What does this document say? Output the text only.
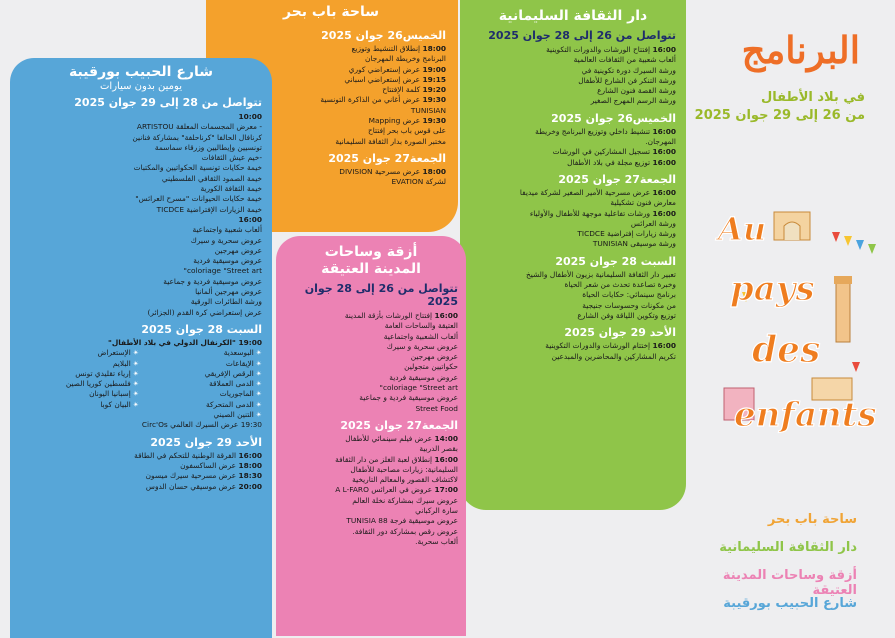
ساحة باب بحر
الخميس26 جوان 2025
18:00 إنطلاق التنشيط وتوزيع
البرنامج وخريطة المهرجان
19:00 عرض إستعراضي كوري
19:15 عرض إستعراضي اسباني
19:20 كلمة الإفتتاح
19:30 عرض أغاني من الذاكرة التونسية
TUNISIAN
19:30 عرض Mapping
على قوس باب بحر إفتتاح
مختبر الصورة بدار الثقافة السليمانية
الجمعة27 جوان 2025
18:00 عرض مسرحية DIVISION
لشركة EVATION
دار الثقافة السليمانية
تتواصل من 26 إلى 28 جوان 2025
16:00 إفتتاح الورشات والدورات التكوينية
ألعاب شعبية من الثقافات العالمية
ورشة السيرك دورة تكوينية في
ورشة التنكر فن الشارع للأطفال
ورشة القصة فنون الشارع
ورشة الرسم المهرج الصغير
الخميس26 جوان 2025
16:00 تنشيط داخلي وتوزيع البرنامج وخريطة
المهرجان.
16:00 تسجيل المشاركين في الورشات
16:00 توزيع مجلة في بلاد الأطفال
الجمعة27 جوان 2025
16:00 عرض مسرحية الأمير الصغير لشركة ميديفا
معارض فنون تشكيلية
16:00 ورشات تفاعلية موجهة للأطفال والأولياء
ورشة العرائس
ورشة زيارات إفتراضية TICDCE
ورشة موسيقى TUNISIAN
السبت 28 جوان 2025
تعبير دار الثقافة السليمانية بزيون الأطفال والشيخ
وخبرة تصاعدة تحدث من شعر الحياة
برنامج سينمائي: حكايات الحياة
من مكونات وحسوسات جنيجية
توزيع وتكوين اللياقة وفن الشارع
الأحد 29 جوان 2025
16:00 إختتام الورشات والدورات التكوينية
تكريم المشاركين والمحاضرين والمبدعين
أزقة وساحات
المدينة العتيقة
تتواصل من 26 إلى 28 جوان 2025
16:00 إفتتاح الورشات بأزقة المدينة
العتيقة والساحات العامة
ألعاب الشعبية واجتماعية
عروض سحرية و سيرك
عروض مهرجين
حكواتيين متجولين
عروض موسيقية فردية
coloriage "Street art"
عروض موسيقية فردية و جماعية
Street Food
الجمعة27 جوان 2025
14:00 عرض فيلم سينمائي للأطفال
بقصر الدربية
16:00 إنطلاق لعبة الغلز من دار الثقافة
السليمانية: زيارات مصاحبة للأطفال
لاكتشاف القصور والمعالم التاريخية
17:00 عروض في العرائس A L-FARO
عروض سيرك بمشاركة نخلة العالم
سارة الركباني
عروض موسيقية فرجة TUNISIA 88
عروض رقص بمشاركة دور الثقافة.
ألعاب سحرية.
شارع الحبيب بورقيبة
يومين بدون سيارات
تتواصل من 28 إلى 29 جوان 2025
10:00
- معرض المجسمات المعلقة ARTISTOU
كرنافال الحالفا "كرناحلفة" بمشاركة فنانين
تونسيين وإيطاليين وزرقاء سماسمة
-خيم عيش الثقافات
خيمة حكايات تونسية الحكواتيين والمكتبات
خيمة الصمود الثقافي الفلسطيني
خيمة الثقافة الكورية
خيمة حكايات الحيوانات "مسرح العرائس"
خيمة الزيارات الإفتراضية TICDCE
16:00
ألعاب شعبية واجتماعية
عروض سحرية و سيرك
عروض مهرجين
عروض موسيقية فردية
coloriage "Street art"
عروض موسيقية فردية و جماعية
عروض مهرجين ألمانيا
ورشة الطائرات الورقية
عرض إستعراضي كرة القدم (الجزائر)
السبت 28 جوان 2025
19:00 "الكرنفال الدولي في بلاد الأطفال"
✴البوسعدية
✴الإيقاعات
✴الرقص الإفريقي
✴الدمى العملاقة
✴الماجوريات
✴الدمى المتحركة
✴التنين الصيني
✴الإستعراض
✴البلايم
✴إرياء تقليدي تونس
✴فلسطين كوريا الصين
✴إسبانيا اليونان
✴البيان كوبا
19:30 عرض السيرك العالمي Circ'Os
الأحد 29 جوان 2025
16:00 الفرقة الوطنية للتحكم في الطاقة
18:00 عرض الساكسفون
18:30 عرض مسرحية سيرك ميسون
20:00 عرض موسيقي حسان الدوس
البرنامج
في بلاد الأطفال
من 26 إلى 29 جوان 2025
ساحة باب بحر
دار الثقافة السليمانية
أزقة وساحات المدينة العتيقة
شارع الحبيب بورقيبة
Au
pays
des
enfants
